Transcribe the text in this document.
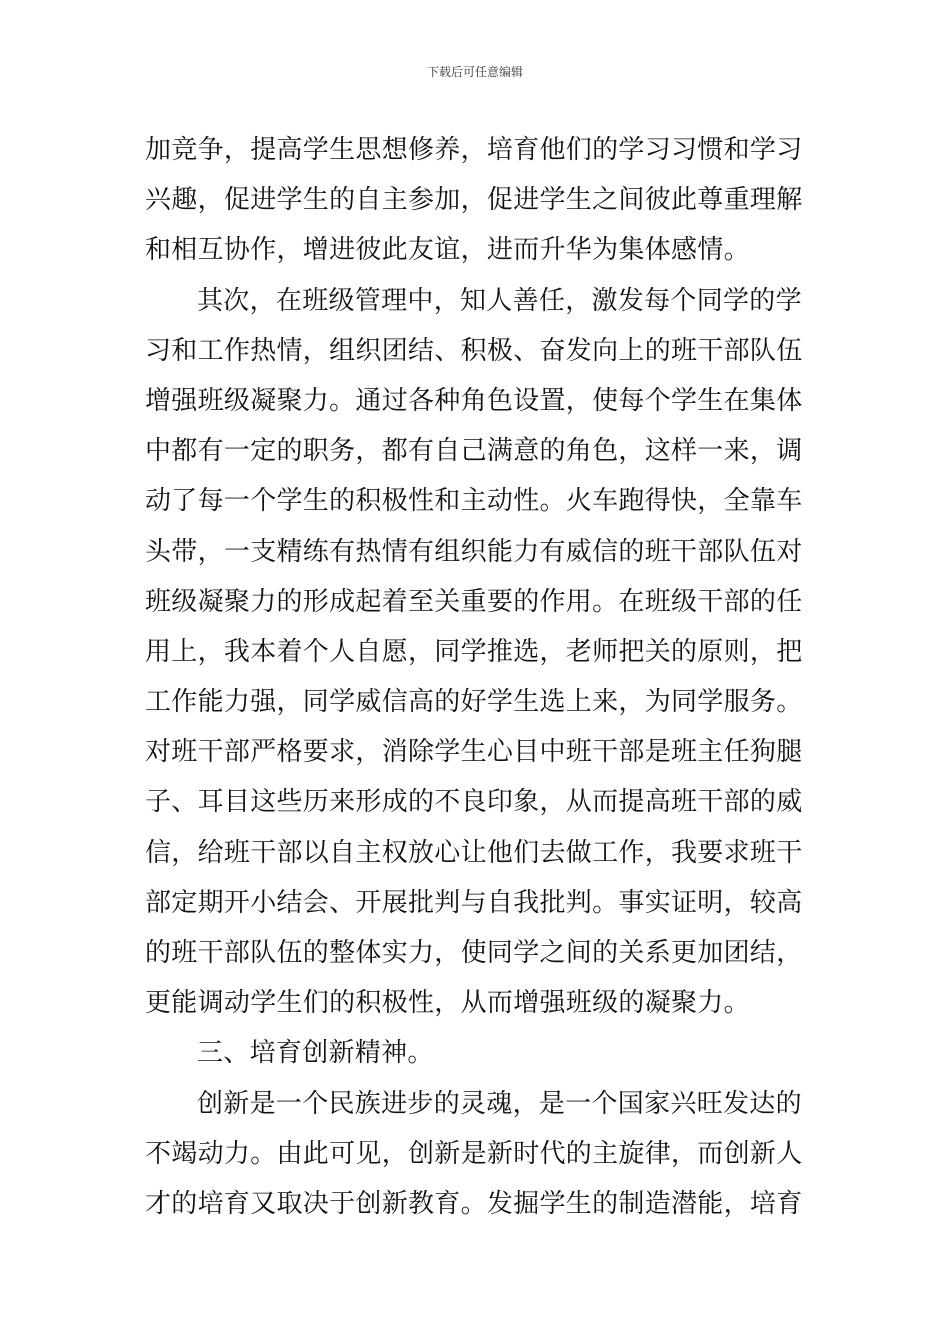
下载后可任意编辑
加竞争，提高学生思想修养，培育他们的学习习惯和学习
兴趣，促进学生的自主参加，促进学生之间彼此尊重理解
和相互协作，增进彼此友谊，进而升华为集体感情。
其次，在班级管理中，知人善任，激发每个同学的学
习和工作热情，组织团结、积极、奋发向上的班干部队伍
增强班级凝聚力。通过各种角色设置，使每个学生在集体
中都有一定的职务，都有自己满意的角色，这样一来，调
动了每一个学生的积极性和主动性。火车跑得快，全靠车
头带，一支精练有热情有组织能力有威信的班干部队伍对
班级凝聚力的形成起着至关重要的作用。在班级干部的任
用上，我本着个人自愿，同学推选，老师把关的原则，把
工作能力强，同学威信高的好学生选上来，为同学服务。
对班干部严格要求，消除学生心目中班干部是班主任狗腿
子、耳目这些历来形成的不良印象，从而提高班干部的威
信，给班干部以自主权放心让他们去做工作，我要求班干
部定期开小结会、开展批判与自我批判。事实证明，较高
的班干部队伍的整体实力，使同学之间的关系更加团结，
更能调动学生们的积极性，从而增强班级的凝聚力。
三、培育创新精神。
创新是一个民族进步的灵魂，是一个国家兴旺发达的
不竭动力。由此可见，创新是新时代的主旋律，而创新人
才的培育又取决于创新教育。发掘学生的制造潜能，培育
